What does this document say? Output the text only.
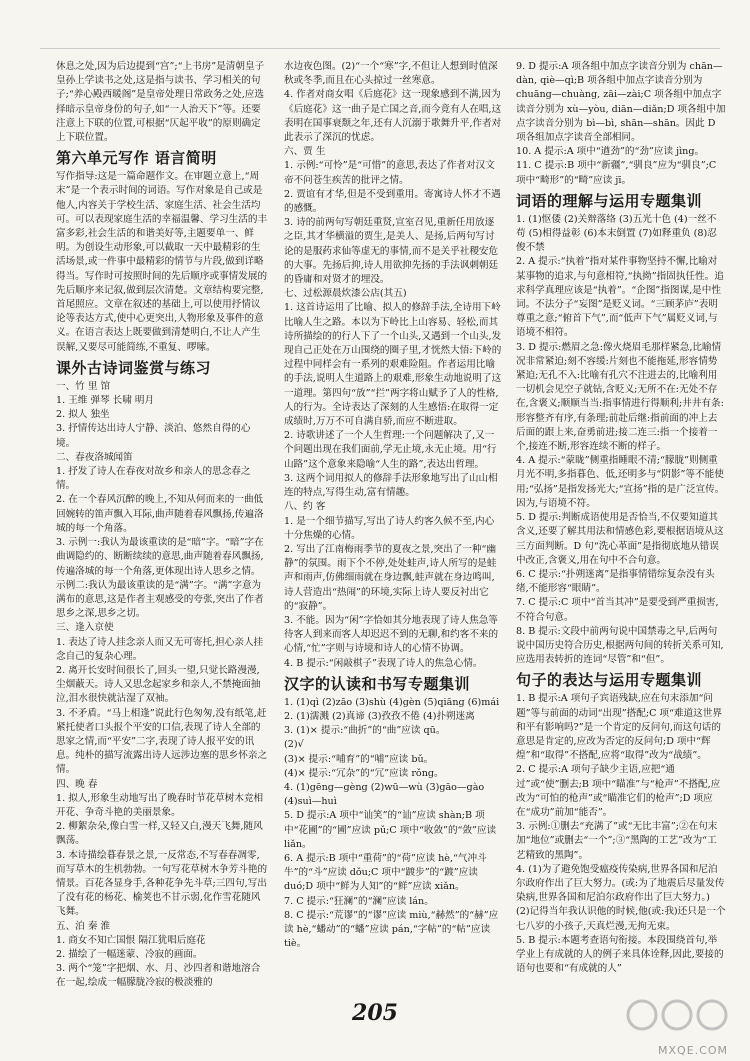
休息之处,因为后边提到“宫”;“上书房”是清朝皇子皇孙上学读书之处,这是指与读书、学习相关的句子;“养心殿西暖阁”是皇帝处理日常政务之处,应选择暗示皇帝身份的句子,如“一人治天下”等。还要注意上下联的位置,可根据“仄起平收”的原则确定上下联位置。

第六单元写作 语言简明

写作指导:这是一篇命题作文。在审题立意上,“周末”是一个表示时间的词语。写作对象是自己或是他人,内容关于学校生活、家庭生活、社会生活均可。可以表现家庭生活的幸福温馨、学习生活的丰富多彩,社会生活的和谐美好等,主题要单一、鲜明。为创设生动形象,可以截取一天中最精彩的生活场景,或一件事中最精彩的情节与片段,做到详略得当。写作时可按照时间的先后顺序或事情发展的先后顺序来记叙,做到层次清楚。文章结构要完整,首尾照应。文章在叙述的基础上,可以使用抒情议论等表达方式,使中心更突出,人物形象及事件的意义。在语言表达上既要做到清楚明白,不让人产生误解,又要尽可能简练,不重复、啰嗦。

课外古诗词鉴赏与练习
一、竹 里 馆

1. 王维 弹琴 长啸 明月

2. 拟人 独坐

3. 抒情传达出诗人宁静、淡泊、悠然自得的心境。

二、春夜洛城闻笛

1. 抒发了诗人在春夜对故乡和亲人的思念春之情。

2. 在一个春风沉醉的晚上,不知从何而来的一曲低回婉转的笛声飘入耳际,曲声随着春风飘扬,传遍洛城的每一个角落。

3. 示例一:我认为最该重读的是“暗”字。“暗”字在曲调隐约的、断断续续的意思,曲声随着春风飘扬,传遍洛城的每一个角落,更体现出诗人思乡之情。

示例二:我认为最该重读的是“满”字。“满”字意为满布的意思,这是作者主观感受的夸张,突出了作者思乡之深,思乡之切。

三、逢入京使

1. 表达了诗人挂念亲人而又无可寄托,担心亲人挂念自己的复杂心理。

2. 离开长安时间很长了,回头一望,只觉长路漫漫,尘烟蔽天。诗人又思念起家乡和亲人,不禁掩面抽泣,泪水很快就沾湿了双袖。

3. 不矛盾。“马上相逢”说此行色匆匆,没有纸笔,赶紧托使者口头报个平安的口信,表现了诗人全部的思家之情,而“平安”二字,表现了诗人报平安的讯息。纯朴的描写流露出诗人远涉边塞的思乡怀亲之情。

四、晚 春

1. 拟人,形象生动地写出了晚春时节花草树木竞相开花、争奇斗艳的美丽景象。

2. 柳絮杂朵,像白雪一样,又轻又白,漫天飞舞,随风飘荡。

3. 本诗描绘暮春景之景,一反常态,不写春春凋零,而写草木的生机勃勃。一句写花草树木争芳斗艳的情景。百花各显身手,各种花争先斗草;三四句,写出了没有花的杨花、榆荚也不甘示弱,化作雪花随风飞舞。

五、泊 秦 淮

1. 商女不知亡国恨 隔江犹唱后庭花

2. 描绘了一幅迷蒙、冷寂的画面。

3. 两个“笼”字把烟、水、月、沙四者和谐地溶合在一起,绘成一幅朦胧冷寂的极淡雅的

水边夜色图。(2)“一个“寒”字,不但让人想到时值深秋或冬季,而且在心头掠过一丝寒意。

4. 作者对商女唱《后庭花》这一现象感到不满,因为《后庭花》这一曲子是亡国之音,而今竟有人在唱,这表明在国事衰颓之年,还有人沉溺于歌舞升平,作者对此表示了深沉的忧虑。

六、贾 生

1. 示例:“可怜”是“可惜”的意思,表达了作者对汉文帝不问苍生疾苦的批评之情。

2. 贾谊有才华,但是不受到重用。寄寓诗人怀才不遇的感慨。

3. 诗的前两句写朝廷重贤,宣室召见,重新任用放逐之臣,其才华横溢的贾生,是美人、是扬,后两句写讨论的是服药求仙等虚无的事情,而不是关乎社稷安危的大事。先扬后抑,诗人用欲抑先扬的手法讽刺朝廷的昏庸和对贤才的埋没。

七、过松源晨炊漆公店(其五)

1. 这首诗运用了比喻、拟人的修辞手法,全诗用下岭比喻人生之路。本以为下岭比上山容易、轻松,而其诗所描绘的的行人下了一个山头,又遇到一个山头,发现自己正处在万山围绕的圈子里,才恍然大悟:下岭的过程中同样会有一系列的艰难险阻。作者运用比喻的手法,说明人生道路上的艰难,形象生动地说明了这一道理。第四句“放”“拦”两字将山赋予了人的性格,人的行为。全诗表达了深刻的人生感悟:在取得一定成绩时,万万不可自满自骄,而应不断进取。

2. 诗歌讲述了一个人生哲理:一个问题解决了,又一个问题出现在我们面前,学无止境,永无止境。用“行山路”这个意象来隐喻“人生的路”,表达出哲理。

3. 这两个词用拟人的修辞手法形象地写出了山山相连的特点,写得生动,富有情趣。

八、约 客

1. 是一个细节描写,写出了诗人约客久候不至,内心十分焦燥的心情。

2. 写出了江南梅雨季节的夏夜之景,突出了一种“幽静”的氛围。雨下个不停,处处蛙声,诗人所写的是蛙声和雨声,仿佛细雨就在身边飘,蛙声就在身边鸣叫,诗人营造出“热闹”的环境,实际上诗人要反衬出它的“寂静”。

3. 不能。因为“闲”字恰如其分地表现了诗人焦急等待客人到来而客人却迟迟不到的无聊,和约客不来的心情,“忙”字则与诗境和诗人的心情不协调。

4. B 提示:“闲敲棋子”表现了诗人的焦急心情。

汉字的认读和书写专题集训

1. (1)qì (2)zāo (3)shù (4)gèn (5)qiāng (6)mái

2. (1)濡溅 (2)真谛 (3)孜孜不倦 (4)扑朔迷离

3. (1)× 提示:“曲折”的“曲”应读 qū。

(2)√

(3)× 提示:“哺育”的“哺”应读 bǔ。

(4)× 提示:“冗杂”的“冗”应读 rǒng。

4. (1)gēng—gèng (2)wū—wù (3)gāo—gào (4)suì—huì

5. D 提示:A 项中“讪笑”的“讪”应读 shàn;B 项中“花圃”的“圃”应读 pǔ;C 项中“收敛”的“敛”应读 liǎn。

6. A 提示:B 项中“重荷”的“荷”应读 hè,“气冲斗牛”的“斗”应读 dǒu;C 项中“踱步”的“踱”应读 duó;D 项中“鲜为人知”的“鲜”应读 xiǎn。

7. C 提示:“狂澜”的“澜”应读 lán。

8. C 提示:“荒谬”的“谬”应读 miù,“赫然”的“赫”应读 hè,“蟠动”的“蟠”应读 pán,“字帖”的“帖”应读 tiè。

9. D 提示:A 项各组中加点字读音分别为 chān—dàn, qiè—qì;B 项各组中加点字读音分别为 chuāng—chuàng, zāi—zài;C 项各组中加点字读音分别为 xù—yòu, diān—diǎn;D 项各组中加点字读音分别为 bì—bì, shān—shān。因此 D 项各组加点字读音全部相同。

10. A 提示:A 项中“遒劲”的“劲”应读 jìng。

11. C 提示:B 项中“新疆”,“驯良”应为“驯良”;C 项中“畸形”的“畸”应读 jī。

词语的理解与运用专题集训

1. (1)怄倭 (2)关辩落络 (3)五光十色 (4)一丝不苟 (5)相得益彰 (6)本末倒置 (7)如释重负 (8)忍俊不禁

2. A 提示:“执着”指对某件事物坚持不懈,比喻对某事物的追求,与句意相符,“执拗”指固执任性。追求科学真理应该是“执着”。“企图”指图谋,是中性词。不法分子“妄图”是贬义词。“三顾茅庐”表明尊重之意;“俯首下气”,而“低声下气”属贬义词,与语境不相符。

3. D 提示:燃眉之急:像火烧眉毛那样紧急,比喻情况非常紧迫;刻不容缓:片刻也不能拖延,形容情势紧迫;无孔不入:比喻有孔穴不注进去的,比喻利用一切机会见空子就钻,含贬义;无所不在:无处不存在,含褒义;顺顺当当:指事情进行得顺利;井井有条:形容整齐有序,有条理;前赴后继:指前面的冲上去后面的跟上来,奋勇前进;接二连三:指一个接着一个,接连不断,形容连续不断的样子。

4. A 提示:“蒙眬”侧重指睡眼不清;“朦胧”则侧重月光不明,多指暮色、低,还明多与“阴影”等不能使用;“弘扬”是指发扬光大;“宣扬”指的是广泛宣传。因为,与语境不符。

5. D 提示:判断成语使用是否恰当,不仅要知道其含义,还要了解其用法和情感色彩,要根据语境从这三方面判断。D 句“洗心革面”是指彻底地从错误中改正,含褒义,用在句中不合句意。

6. C 提示:“扑朔迷离”是指事情错综复杂没有头绪,不能形容“眼睛”。

7. C 提示:C 项中“首当其冲”是要受到严重损害,不符合句意。

8. B 提示:文段中前两句说中国禁毒之早,后两句说中国历史符合历史,根据两句间的转折关系可知,应选用表转折的连词“尽管”和“但”。

句子的表达与运用专题集训

1. B 提示:A 项句子宾语残缺,应在句末添加“问题”等与前面的动词“出现”搭配;C 项“难道这世界和平有影响吗?”是一个肯定的反问句,而这句话的意思是肯定的,应改为否定的反问句;D 项中“辉煌”和“取得”不搭配,应将“取得”改为“战绩”。

2. C 提示:A 项句子缺少主语,应把“通过”或“使”删去;B 项中“瞄准”与“枪声”不搭配,应改为“可怕的枪声”或“瞄准它们的枪声”;D 项应在“成功”前加“能否”。

3. 示例:①删去“充满了”或“无比丰富”;②在句末加“地位”或删去“一个”;③“黑陶的工艺”改为“工艺精致的黑陶”。

4. (1)为了避免饱受瘟疫传染病,世界各国和尼泊尔政府作出了巨大努力。(或:为了地震后尽量发传染病,世界各国和尼泊尔政府作出了巨大努力。)

(2)记得当年我认识他的时候,他(或:我)还只是一个七八岁的小孩子,天真烂漫,无拘无束。

5. B 提示:本题考查语句衔接。本段围绕首句,举学业上有成就的人的例子来具体诠释,因此,要接的语句也要和“有成就的人”

205
MXQE.COM
